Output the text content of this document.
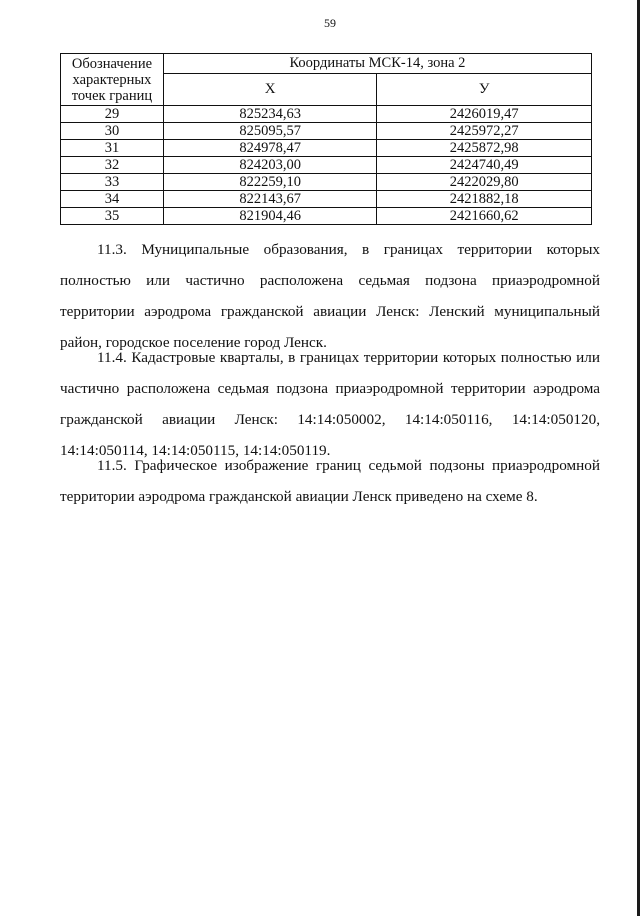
59
Обозначение характерных точек границ	Координаты МСК-14, зона 2	
	X	У
29	825234,63	2426019,47
30	825095,57	2425972,27
31	824978,47	2425872,98
32	824203,00	2424740,49
33	822259,10	2422029,80
34	822143,67	2421882,18
35	821904,46	2421660,62

11.3. Муниципальные образования, в границах территории которых полностью или частично расположена седьмая подзона приаэродромной территории аэродрома гражданской авиации Ленск: Ленский муниципальный район, городское поселение город Ленск.

11.4. Кадастровые кварталы, в границах территории которых полностью или частично расположена седьмая подзона приаэродромной территории аэродрома гражданской авиации Ленск: 14:14:050002, 14:14:050116, 14:14:050120, 14:14:050114, 14:14:050115, 14:14:050119.

11.5. Графическое изображение границ седьмой подзоны приаэродромной территории аэродрома гражданской авиации Ленск приведено на схеме 8.
